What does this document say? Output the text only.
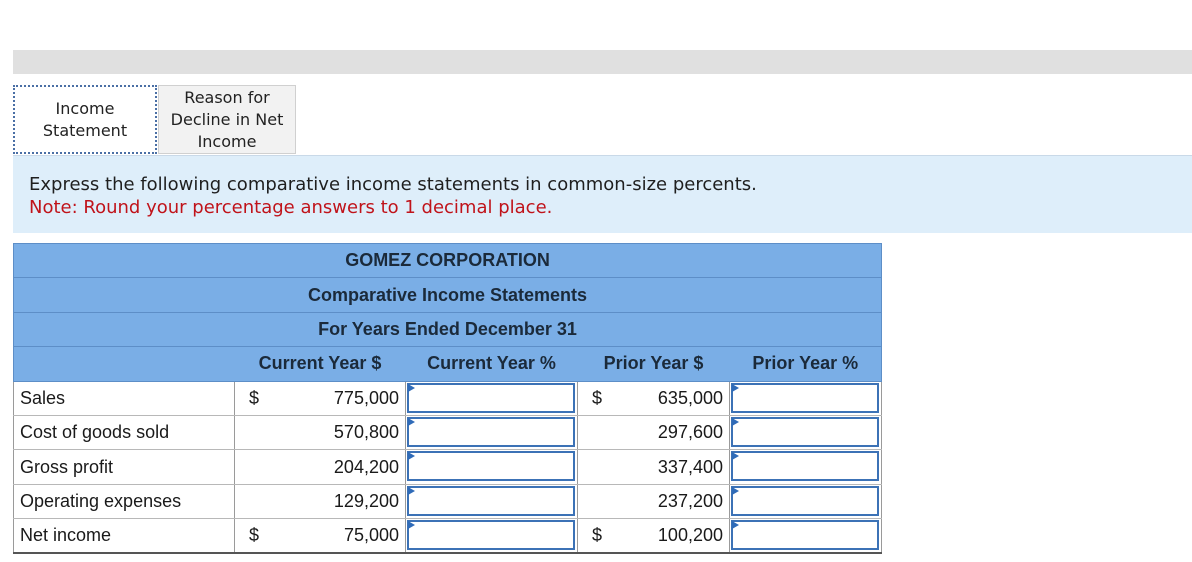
Income
Statement
Reason for
Decline in Net
Income
Express the following comparative income statements in common-size percents.
Note: Round your percentage answers to 1 decimal place.
GOMEZ CORPORATION				
Comparative Income Statements				
For Years Ended December 31				
	Current Year $	Current Year %	Prior Year $	Prior Year %
Sales	$ 775,000		$ 635,000

Cost of goods sold	570,800		297,600

Gross profit	204,200		337,400

Operating expenses	129,200		237,200

Net income	$ 75,000		$ 100,200
